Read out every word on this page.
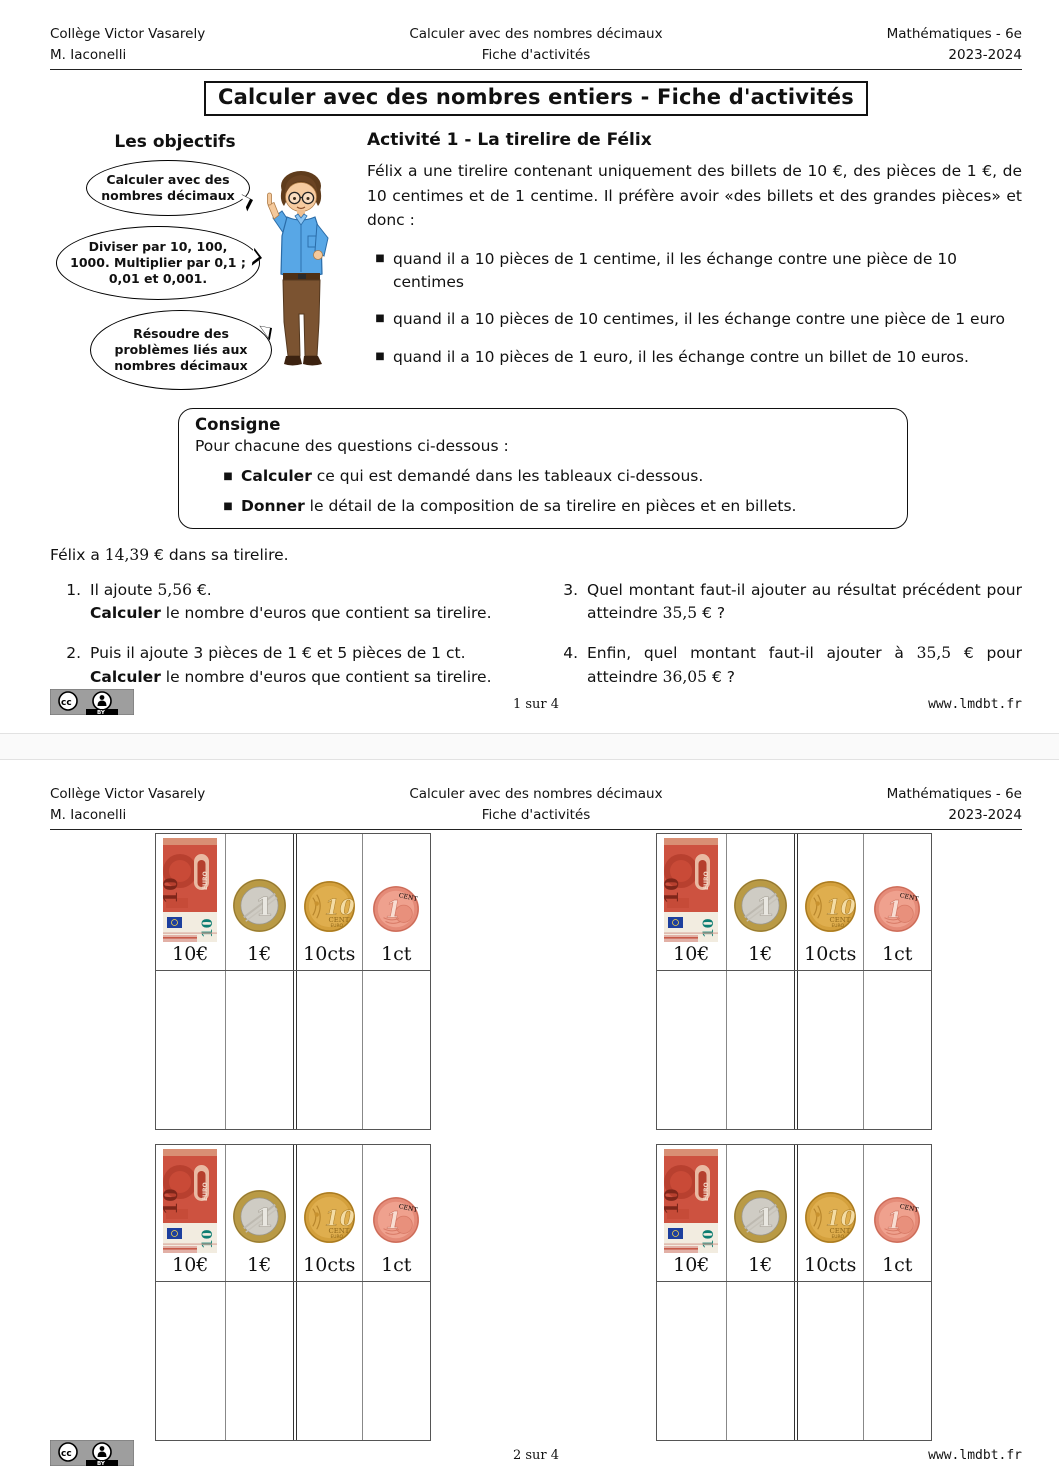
Collège Victor Vasarely
M. Iaconelli
Calculer avec des nombres décimaux
Fiche d'activités
Mathématiques - 6e
2023-2024
Calculer avec des nombres entiers - Fiche d'activités
Les objectifs
Calculer avec des nombres décimaux
Diviser par 10, 100, 1000. Multiplier par 0,1 ; 0,01 et 0,001.
Résoudre des problèmes liés aux nombres décimaux
Activité 1 - La tirelire de Félix
Félix a une tirelire contenant uniquement des billets de 10 €, des pièces de 1 €, de 10 centimes et de 1 centime. Il préfère avoir «des billets et des grandes pièces» et donc :
■ quand il a 10 pièces de 1 centime, il les échange contre une pièce de 10 centimes
■ quand il a 10 pièces de 10 centimes, il les échange contre une pièce de 1 euro
■ quand il a 10 pièces de 1 euro, il les échange contre un billet de 10 euros.
Consigne
Pour chacune des questions ci-dessous :
■ Calculer ce qui est demandé dans les tableaux ci-dessous.
■ Donner le détail de la composition de sa tirelire en pièces et en billets.
Félix a 14,39 € dans sa tirelire.
1. Il ajoute 5,56 €.
Calculer le nombre d'euros que contient sa tirelire.
2. Puis il ajoute 3 pièces de 1 € et 5 pièces de 1 ct.
Calculer le nombre d'euros que contient sa tirelire.
3. Quel montant faut-il ajouter au résultat précédent pour atteindre 35,5 € ?
4. Enfin, quel montant faut-il ajouter à 35,5 € pour atteindre 36,05 € ?
1 sur 4	www.lmdbt.fr
Collège Victor Vasarely
M. Iaconelli
Calculer avec des nombres décimaux
Fiche d'activités
Mathématiques - 6e
2023-2024
10€ 1€ 10cts 1ct	10€ 1€ 10cts 1ct
10€ 1€ 10cts 1ct	10€ 1€ 10cts 1ct
2 sur 4	www.lmdbt.fr
